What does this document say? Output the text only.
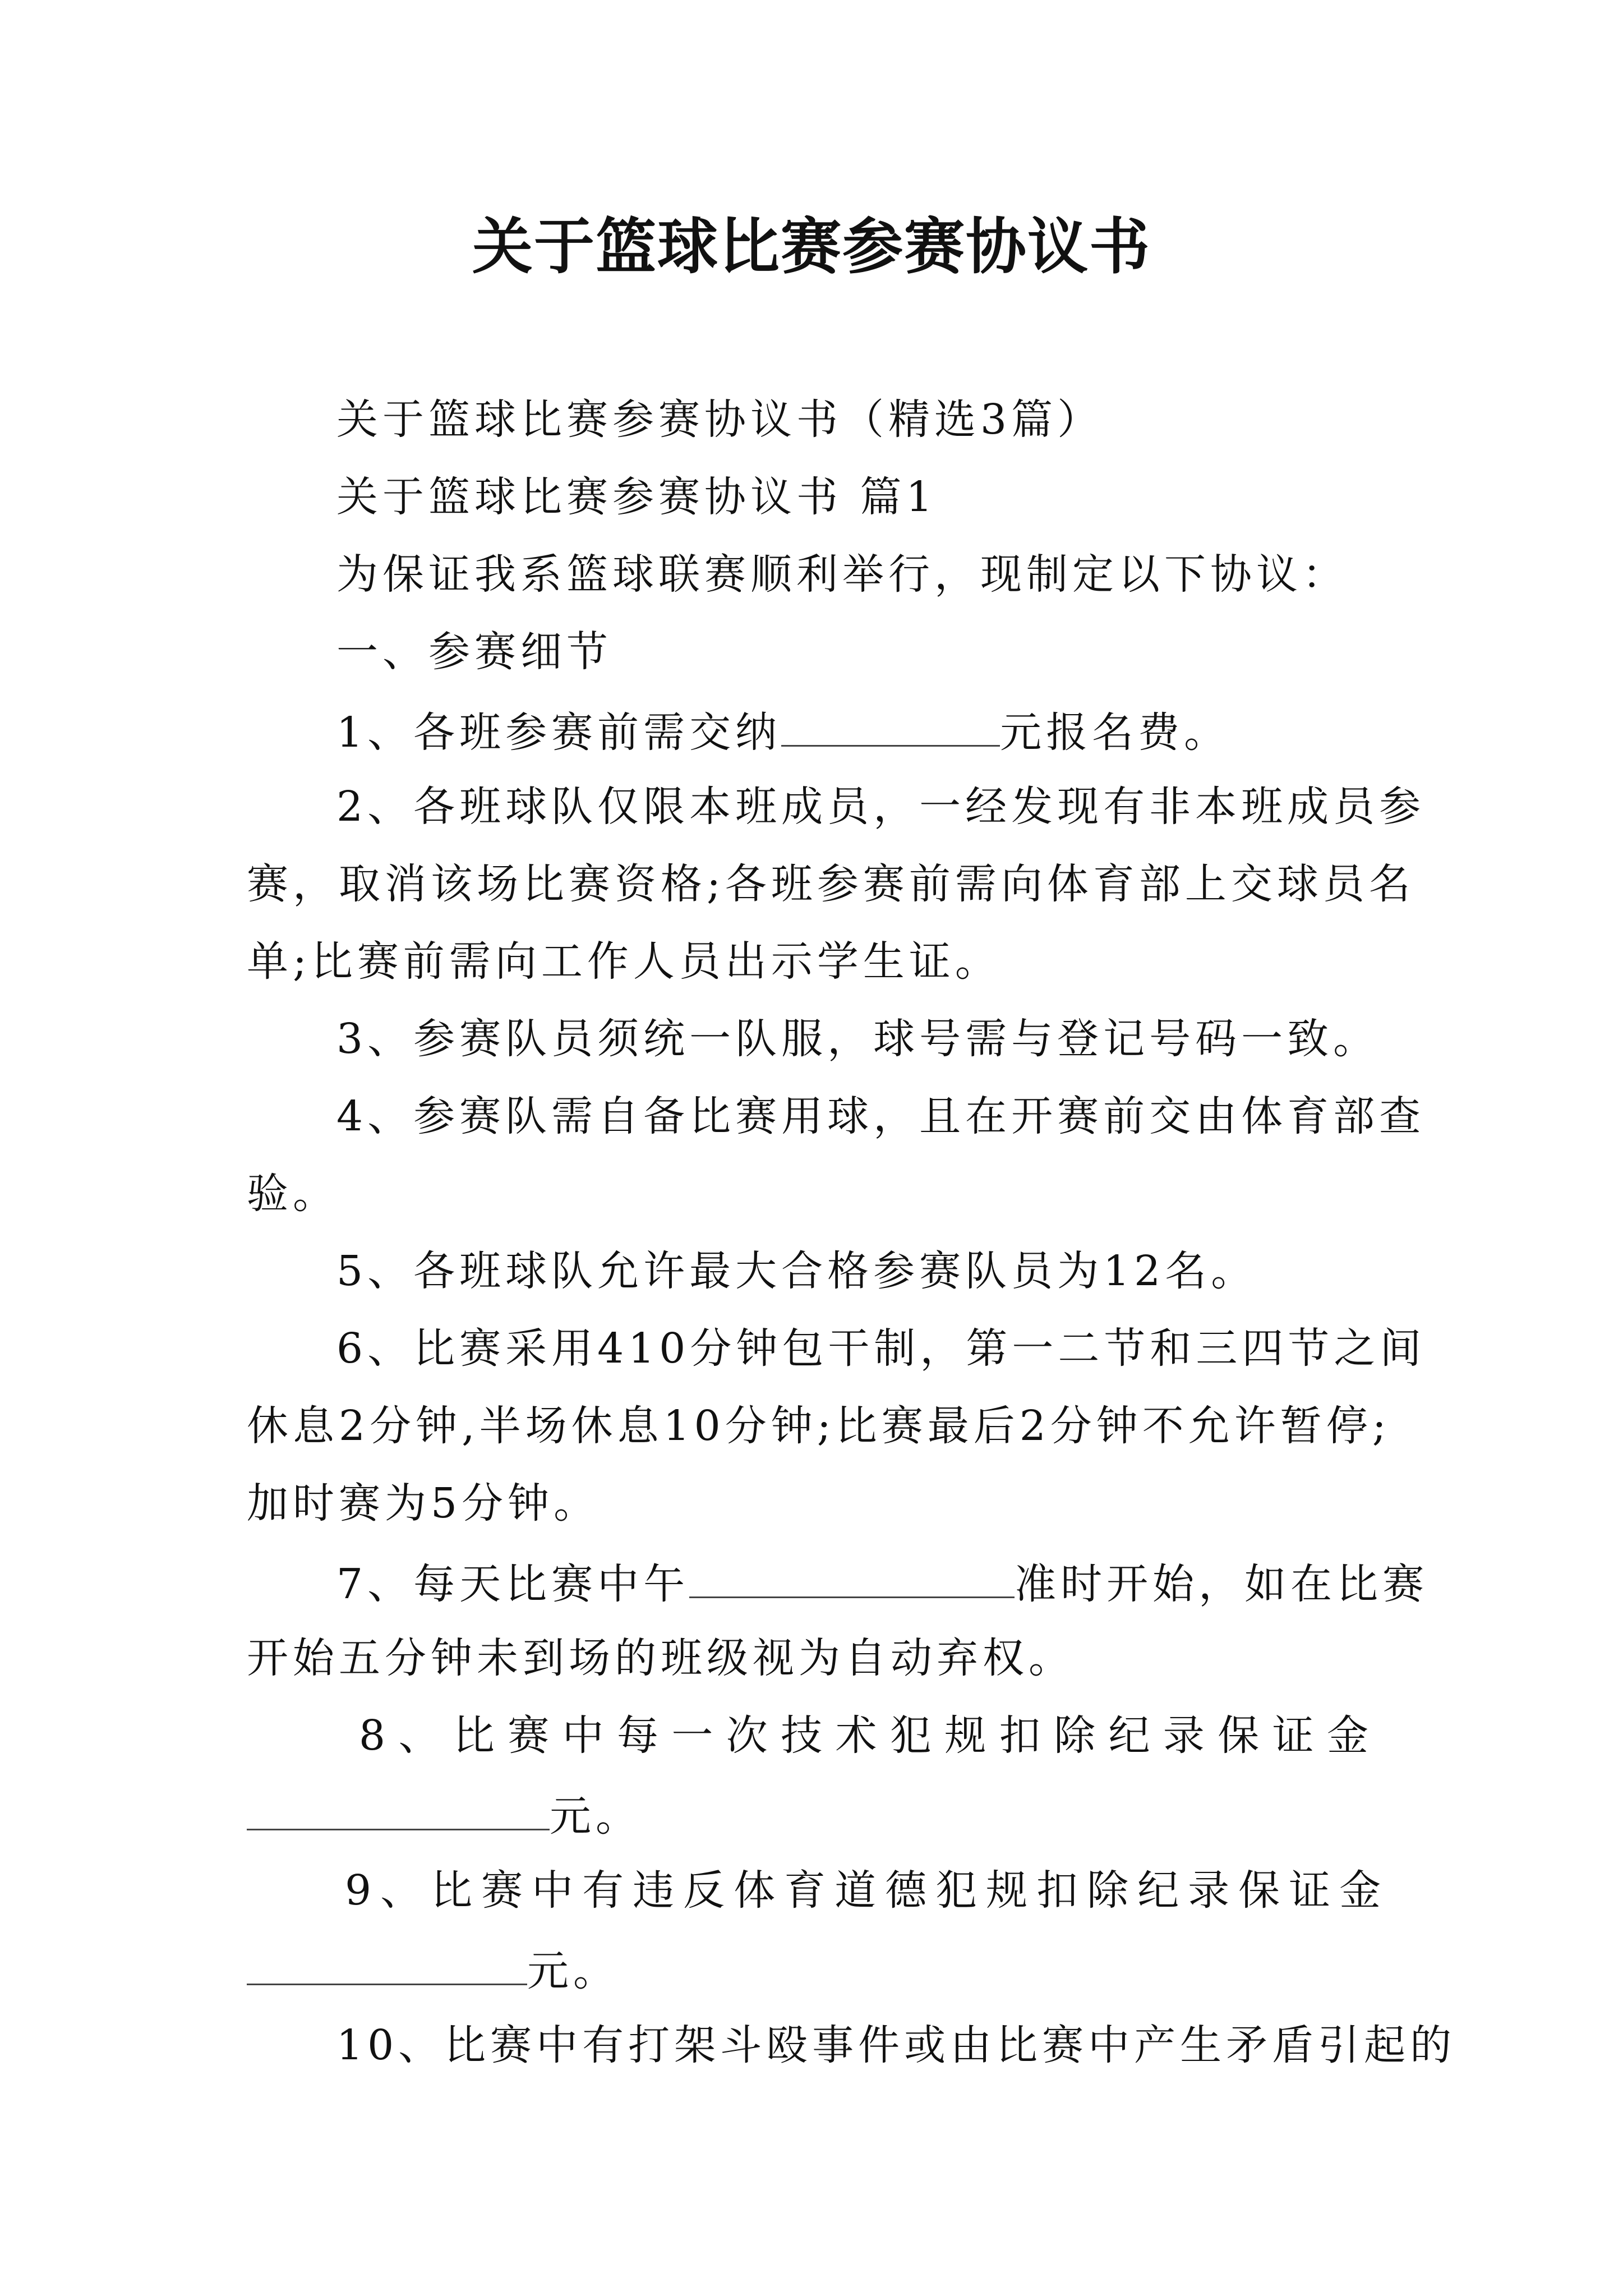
关于篮球比赛参赛协议书
关于篮球比赛参赛协议书（精选3篇）
关于篮球比赛参赛协议书 篇1
为保证我系篮球联赛顺利举行，现制定以下协议：
一、参赛细节
1、各班参赛前需交纳	元报名费。
2、各班球队仅限本班成员，一经发现有非本班成员参
赛，取消该场比赛资格;各班参赛前需向体育部上交球员名
单;比赛前需向工作人员出示学生证。
3、参赛队员须统一队服，球号需与登记号码一致。
4、参赛队需自备比赛用球，且在开赛前交由体育部查
验。
5、各班球队允许最大合格参赛队员为12名。
6、比赛采用410分钟包干制，第一二节和三四节之间
休息2分钟,半场休息10分钟;比赛最后2分钟不允许暂停;
加时赛为5分钟。
7、每天比赛中午	准时开始，如在比赛
开始五分钟未到场的班级视为自动弃权。
8、比赛中每一次技术犯规扣除纪录保证金
元。
9、比赛中有违反体育道德犯规扣除纪录保证金
元。
10、比赛中有打架斗殴事件或由比赛中产生矛盾引起的
